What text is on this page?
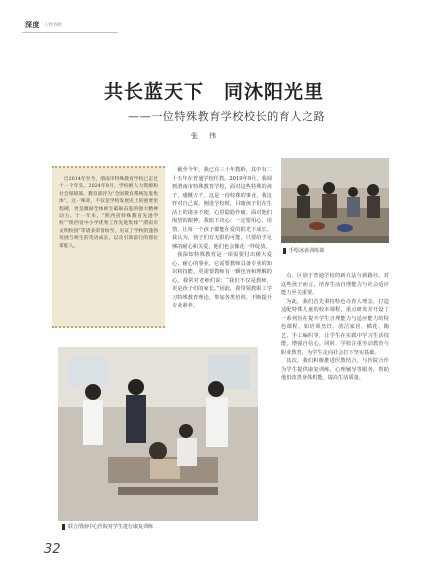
深度 人物春秋
共长蓝天下　同沐阳光里
——一位特殊教育学校校长的育人之路
张　伟

自2014年至今，渭南市特殊教育学校已走过十一个年头。2024年9月，学校被人力资源和社会保障部、教育部评为“全国教育系统先进集体”。这一殊荣，不仅是学校发展史上的重要里程碑，更是激励全体师生砥砺奋进的强大精神动力。十一年来，“陕西省特殊教育先进学校”“陕西省中小学优秀工作先进集体”“渭南市文明校园”等诸多荣誉纷至，见证了学校的蓬勃发展与师生的笑语成长，以及引领前行的那位掌舵人。

截至今年，我已有三十年教龄，其中有二十五年在普通学校任教。2019年9月，我调到渭南市特殊教育学校，面对这些特殊的孩子，感慨万千。这是一份特殊的事业，我这样对自己说。刚进学校时，目睹孩子们在生活上的诸多不便，心里隐隐作痛。面对他们渴望的眼神，我暗下决心：一定要用心、用情，让每一个孩子都能在爱的阳光下成长。我认为，孩子们有无限的可能，只要给予足够的耐心和关爱，他们也会像花一样绽放。

我深知特殊教育是一项需要付出极大爱心、耐心的事业，它需要教师具备专业的知识和技能，更需要教师有一颗包容和理解的心。我常对老师们说：“我们不仅是教师，更是孩子们的家长。”因此，我带领教职工学习特殊教育理论，参加各类培训，不断提升专业素养。

手绘冰壶训练课

点、区别于普通学校的新方法与新路径。对这些孩子而言，培养生活自理能力与社会适应能力至关重要。

为此，我们首先秉持特色办育人理念，打造适配特殊儿童的校本课程，重点研发并开设了一系列旨在提升学生自理能力与适应能力的特色课程，如培训烹饪、清洁家居、插花、陶艺、手工编织等，让学生在实践中学习生活技能，增强自信心。同时，学校注重劳动教育与职业教育，为学生走向社会打下坚实基础。

其次，我们积极推进医教结合，与医院合作为学生提供康复训练、心理辅导等服务，帮助他们改善身体机能，提高生活质量。

联合渭南中心医院对学生进行康复训练
32
